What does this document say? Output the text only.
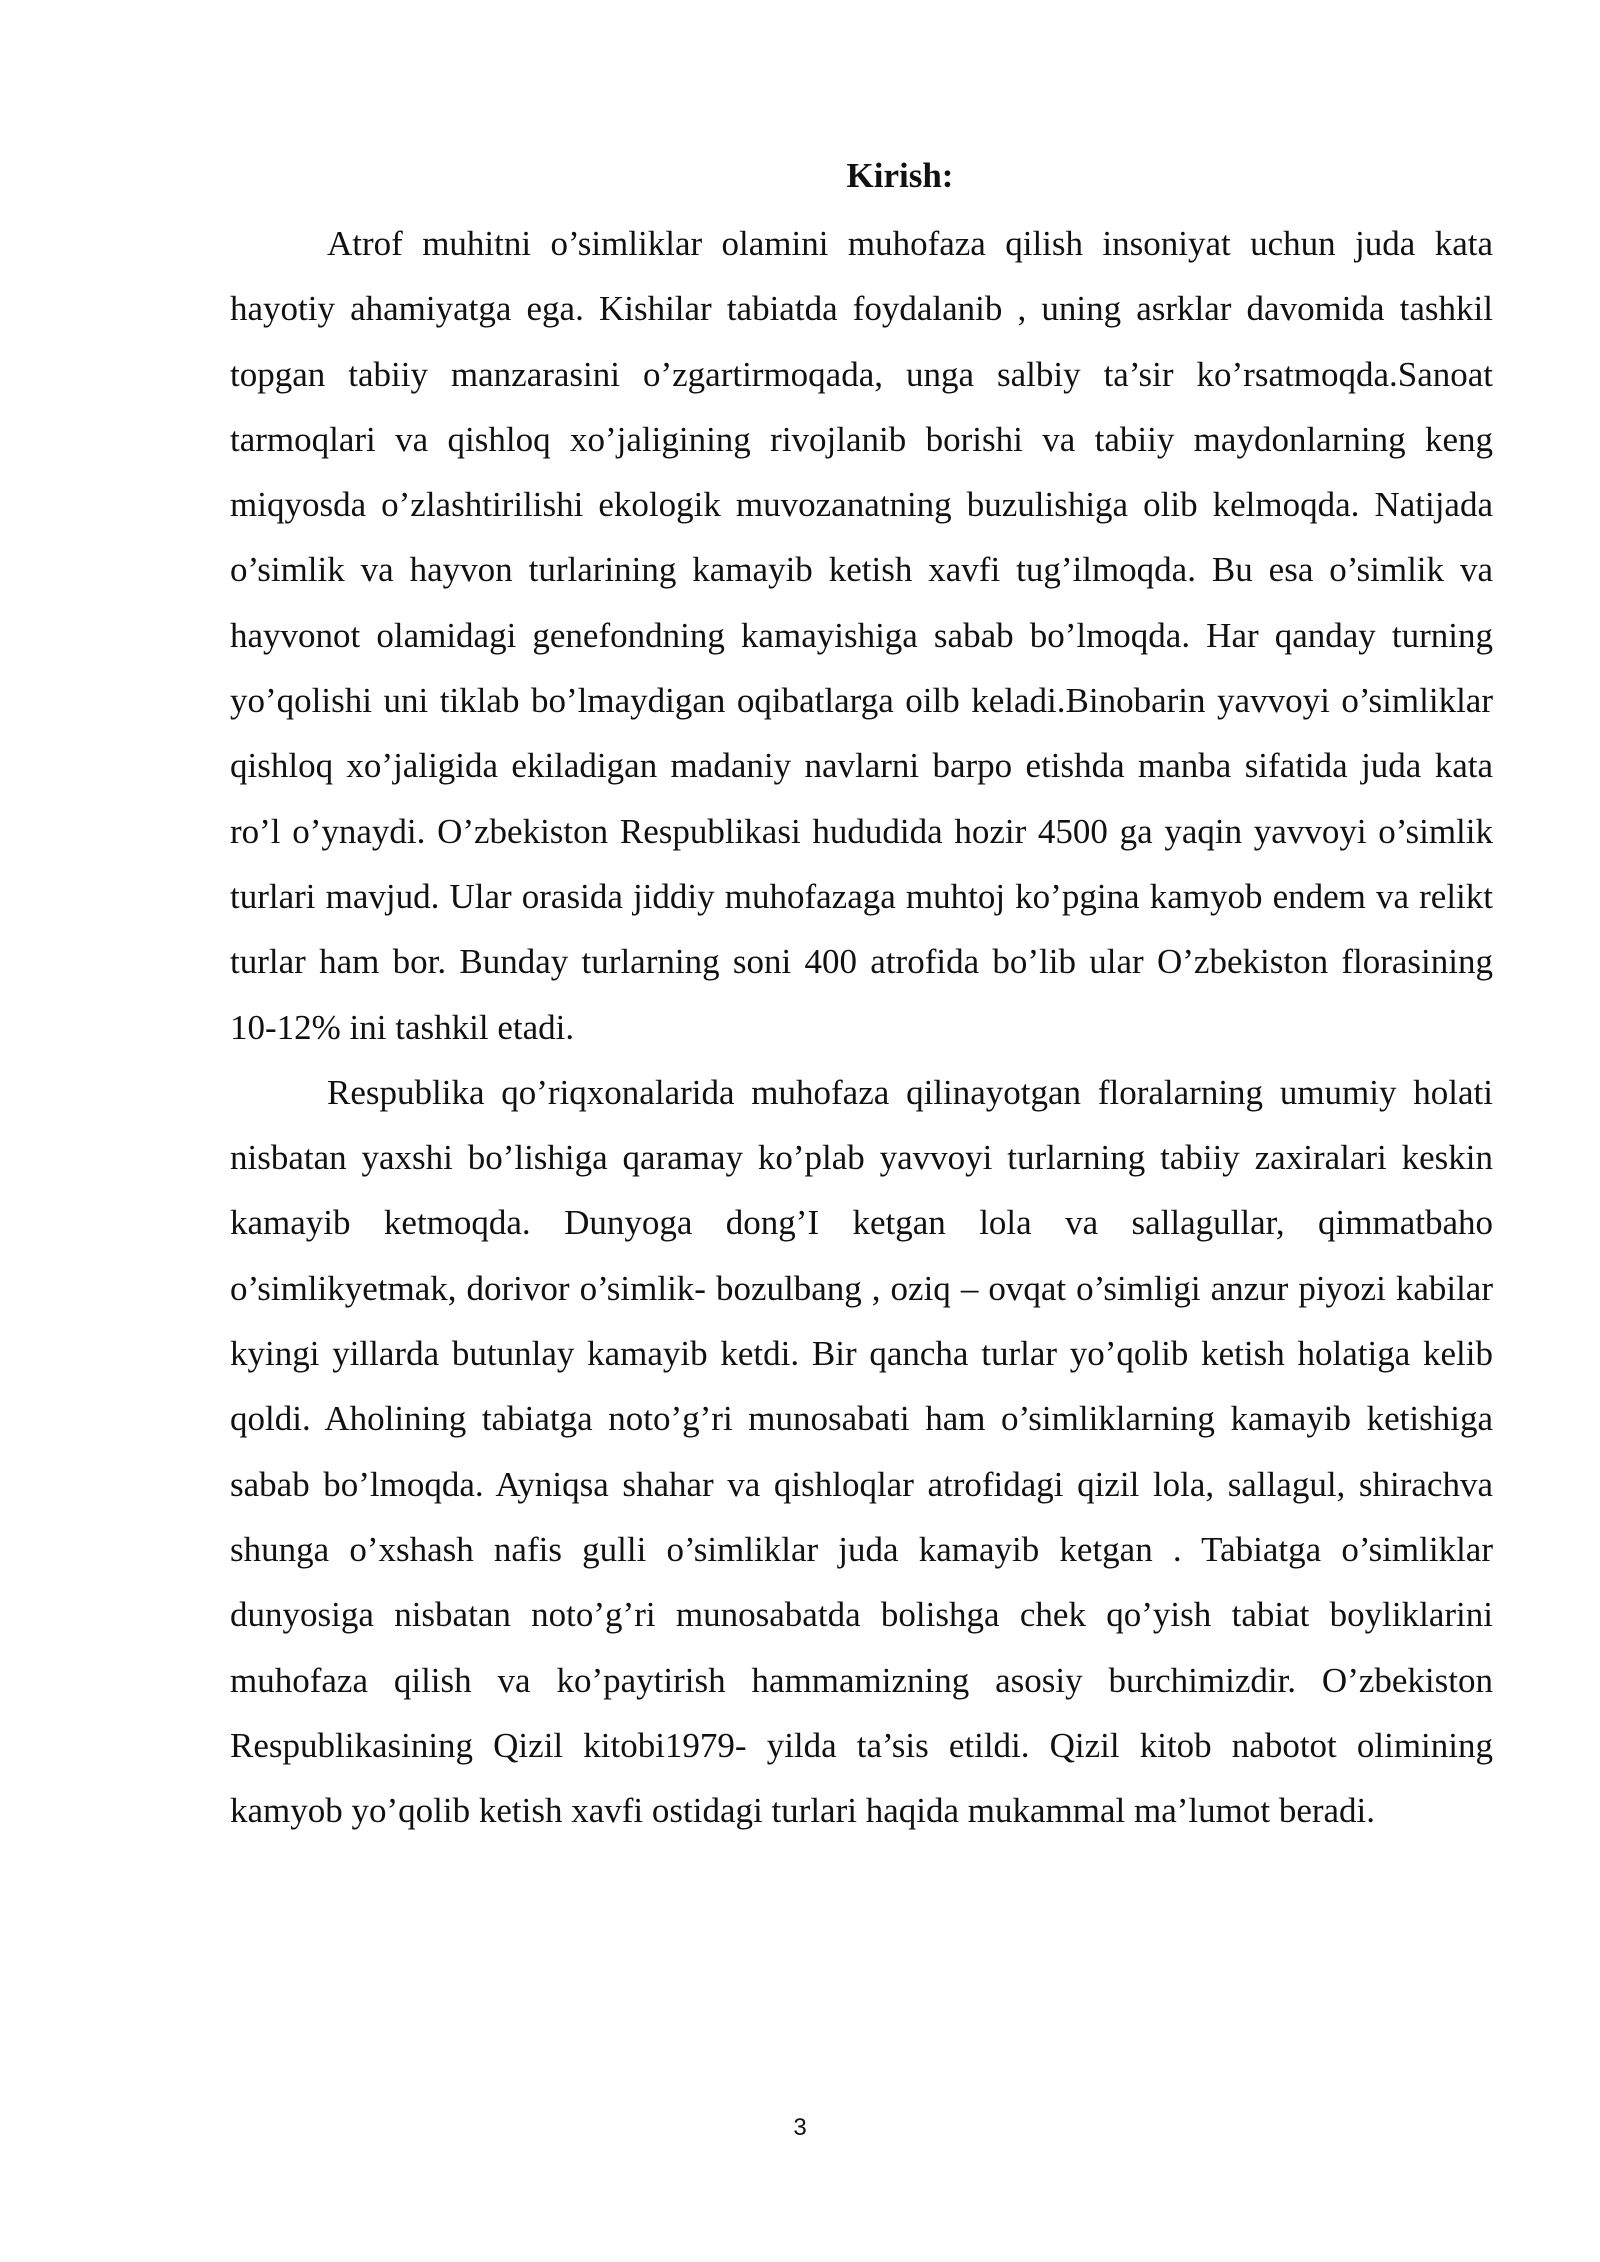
Kirish:

Atrof muhitni o’simliklar olamini muhofaza qilish insoniyat uchun juda kata hayotiy ahamiyatga ega. Kishilar tabiatda foydalanib , uning asrklar davomida tashkil topgan tabiiy manzarasini o’zgartirmoqada, unga salbiy ta’sir ko’rsatmoqda.Sanoat tarmoqlari va qishloq xo’jaligining rivojlanib borishi va tabiiy maydonlarning keng miqyosda o’zlashtirilishi ekologik muvozanatning buzulishiga olib kelmoqda. Natijada o’simlik va hayvon turlarining kamayib ketish xavfi tug’ilmoqda. Bu esa o’simlik va hayvonot olamidagi genefondning kamayishiga sabab bo’lmoqda. Har qanday turning yo’qolishi uni tiklab bo’lmaydigan oqibatlarga oilb keladi.Binobarin yavvoyi o’simliklar qishloq xo’jaligida ekiladigan madaniy navlarni barpo etishda manba sifatida juda kata ro’l o’ynaydi. O’zbekiston Respublikasi hududida hozir 4500 ga yaqin yavvoyi o’simlik turlari mavjud. Ular orasida jiddiy muhofazaga muhtoj ko’pgina kamyob endem va relikt turlar ham bor. Bunday turlarning soni 400 atrofida bo’lib ular O’zbekiston florasining 10-12% ini tashkil etadi.

Respublika qo’riqxonalarida muhofaza qilinayotgan floralarning umumiy holati nisbatan yaxshi bo’lishiga qaramay ko’plab yavvoyi turlarning tabiiy zaxiralari keskin kamayib ketmoqda. Dunyoga dong’I ketgan lola va sallagullar, qimmatbaho o’simlikyetmak, dorivor o’simlik- bozulbang , oziq – ovqat o’simligi anzur piyozi kabilar kyingi yillarda butunlay kamayib ketdi. Bir qancha turlar yo’qolib ketish holatiga kelib qoldi. Aholining tabiatga noto’g’ri munosabati ham o’simliklarning kamayib ketishiga sabab bo’lmoqda. Ayniqsa shahar va qishloqlar atrofidagi qizil lola, sallagul, shirachva shunga o’xshash nafis gulli o’simliklar juda kamayib ketgan . Tabiatga o’simliklar dunyosiga nisbatan noto’g’ri munosabatda bolishga chek qo’yish tabiat boyliklarini muhofaza qilish va ko’paytirish hammamizning asosiy burchimizdir. O’zbekiston Respublikasining Qizil kitobi1979- yilda ta’sis etildi. Qizil kitob nabotot olimining kamyob yo’qolib ketish xavfi ostidagi turlari haqida mukammal ma’lumot beradi.

3
